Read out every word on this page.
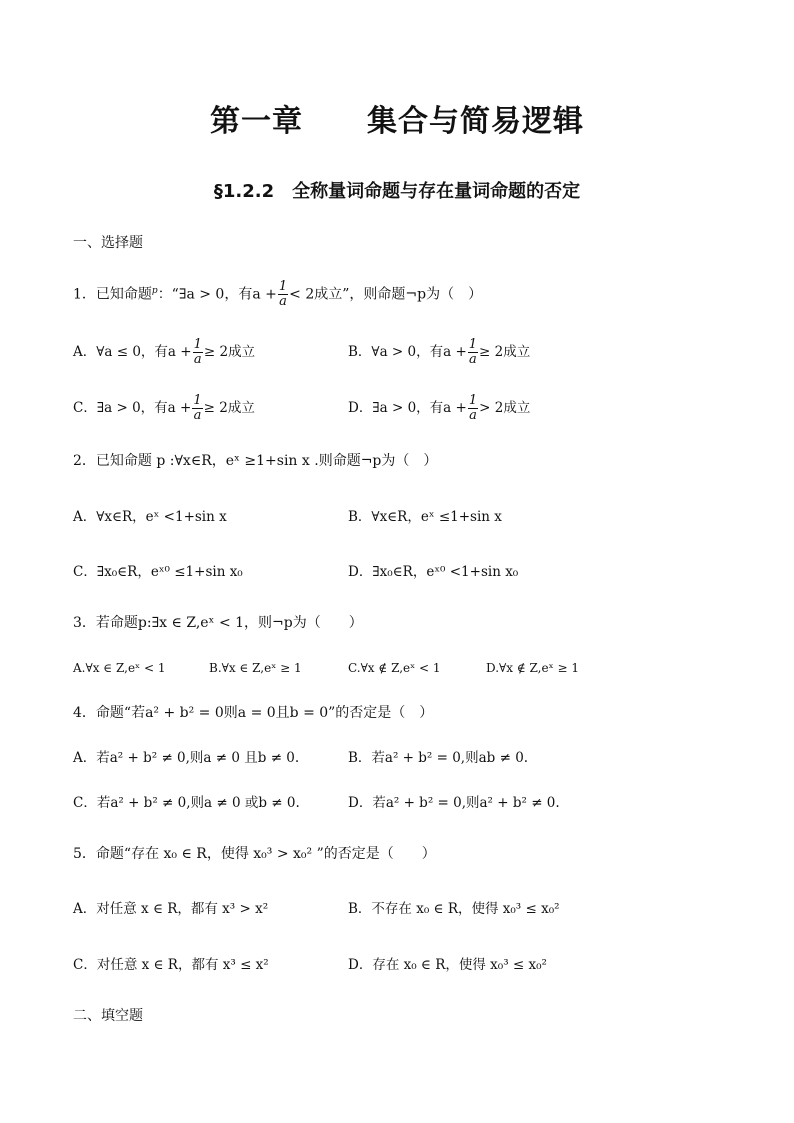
第一章 集合与简易逻辑
§1.2.2　全称量词命题与存在量词命题的否定
一、选择题
1．已知命题$^p$：“∃a > 0，有$a + \frac{1}{a} < 2$成立”，则命题¬p为（　）
A．∀a ≤ 0，有$a + \frac{1}{a} \ge 2$成立	B．∀a > 0，有$a + \frac{1}{a} \ge 2$成立
C．∃a > 0，有$a + \frac{1}{a} \ge 2$成立	D．∃a > 0，有$a + \frac{1}{a} > 2$成立
2．已知命题 p :∀x∈R，eˣ ≥1+sin x .则命题¬p为（　）
A．∀x∈R，eˣ <1+sin x	B．∀x∈R，eˣ ≤1+sin x
C．∃x₀∈R，eˣ⁰ ≤1+sin x₀	D．∃x₀∈R，eˣ⁰ <1+sin x₀
3．若命题p:∃x ∈ Z,eˣ < 1，则¬p为（　　）
A.∀x ∈ Z,eˣ < 1	B.∀x ∈ Z,eˣ ≥ 1	C.∀x ∉ Z,eˣ < 1	D.∀x ∉ Z,eˣ ≥ 1
4．命题“若a² + b² = 0则a = 0且b = 0”的否定是（　）
A．若a² + b² ≠ 0,则a ≠ 0 且b ≠ 0.	B．若a² + b² = 0,则ab ≠ 0.
C．若a² + b² ≠ 0,则a ≠ 0 或b ≠ 0.	D．若a² + b² = 0,则a² + b² ≠ 0.
5．命题“存在 x₀ ∈ R，使得 x₀³ > x₀² ”的否定是（　　）
A．对任意 x ∈ R，都有 x³ > x²	B．不存在 x₀ ∈ R，使得 x₀³ ≤ x₀²
C．对任意 x ∈ R，都有 x³ ≤ x²	D．存在 x₀ ∈ R，使得 x₀³ ≤ x₀²
二、填空题
